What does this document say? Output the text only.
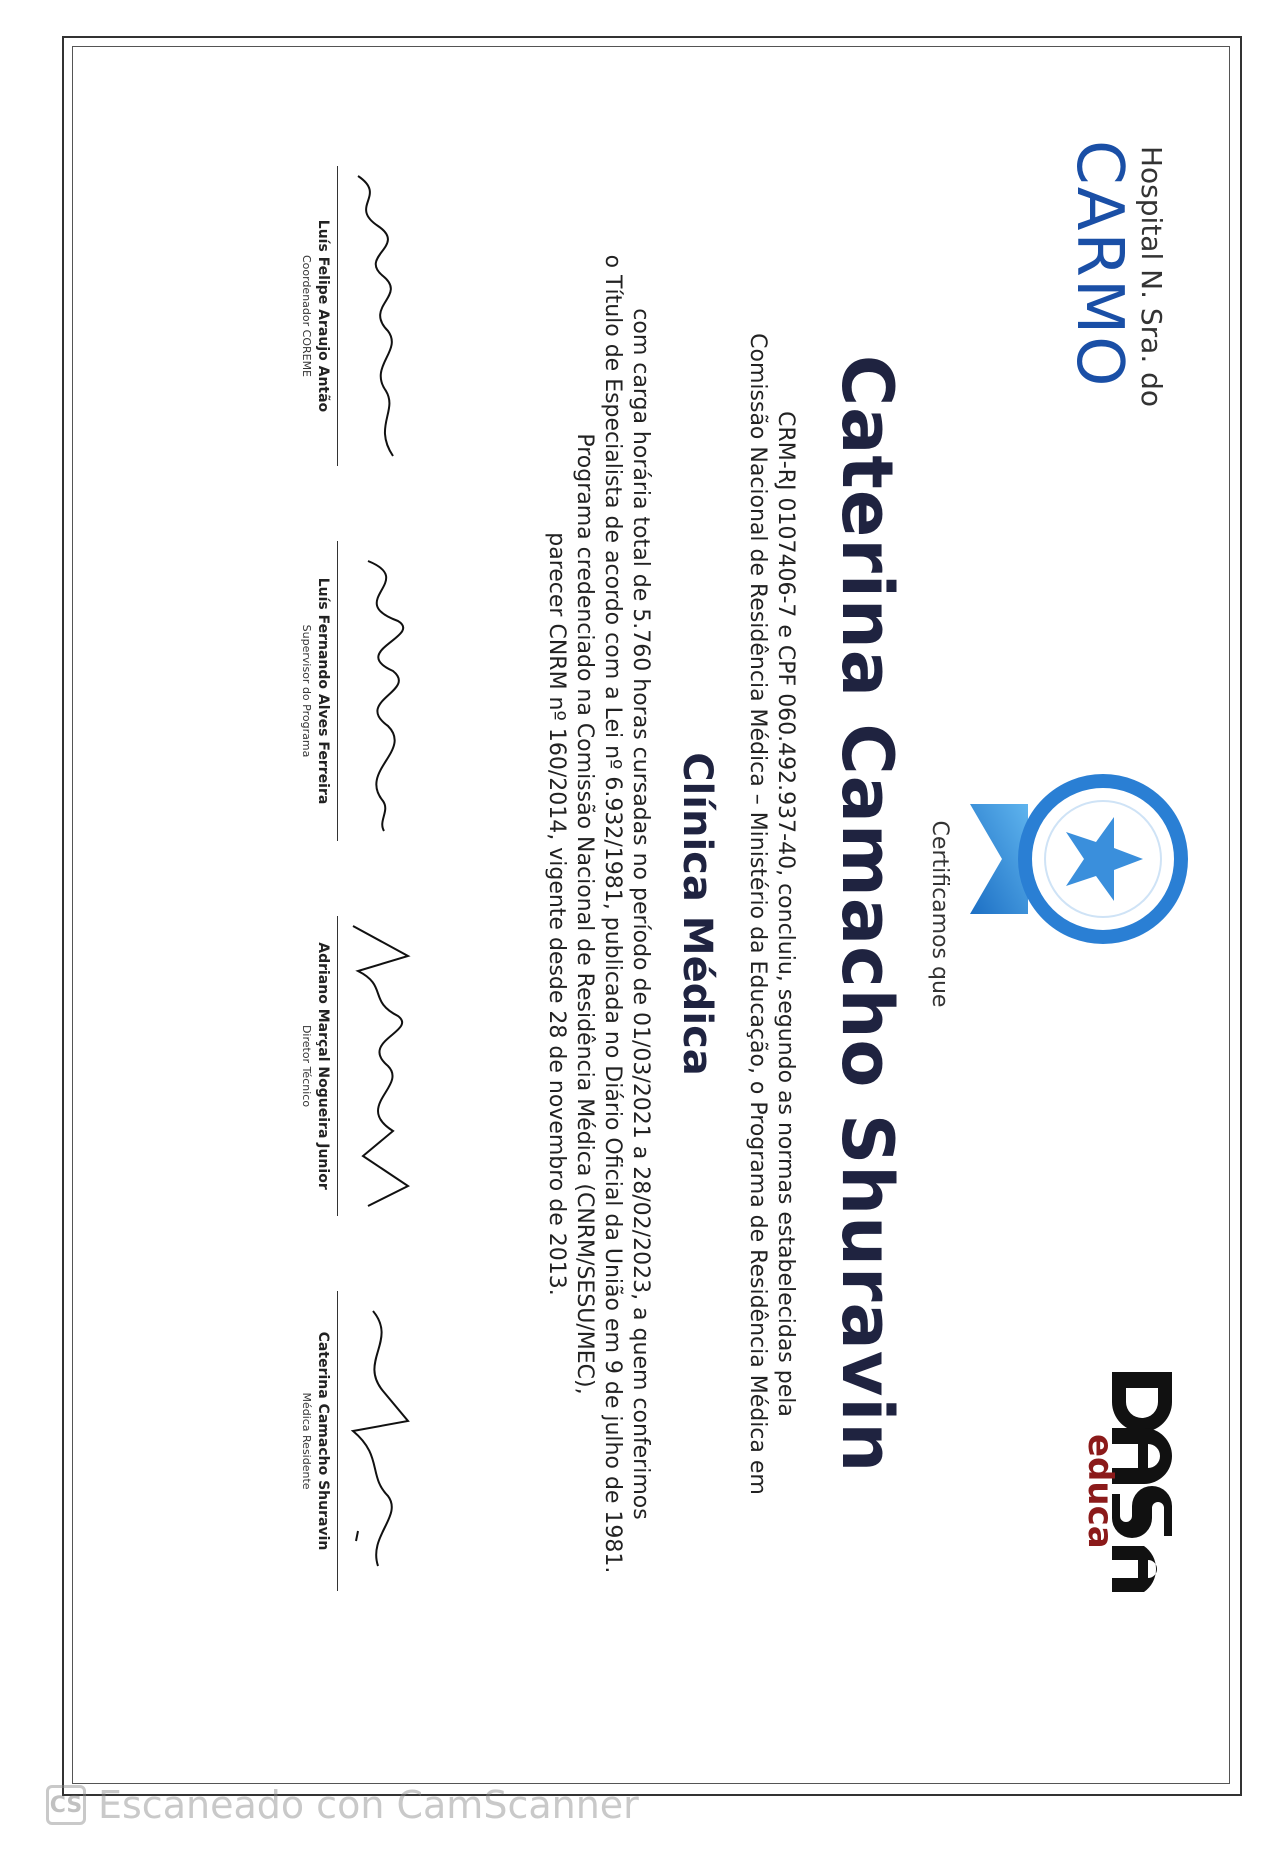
Hospital N. Sra. do
CARMO
educa
Certificamos que
Caterina Camacho Shuravin
CRM-RJ 0107406-7 e CPF 060.492.937-40, concluiu, segundo as normas estabelecidas pela
Comissão Nacional de Residência Médica – Ministério da Educação, o Programa de Residência Médica em
Clínica Médica
com carga horária total de 5.760 horas cursadas no período de 01/03/2021 a 28/02/2023, a quem conferimos
o Título de Especialista de acordo com a Lei nº 6.932/1981, publicada no Diário Oficial da União em 9 de julho de 1981.
Programa credenciado na Comissão Nacional de Residência Médica (CNRM/SESU/MEC),
parecer CNRM nº 160/2014, vigente desde 28 de novembro de 2013.
Luís Felipe Araujo Antão
Coordenador COREME
Luís Fernando Alves Ferreira
Supervisor do Programa
Adriano Marçal Nogueira Junior
Diretor Técnico
Caterina Camacho Shuravin
Médica Residente
CS Escaneado con CamScanner
